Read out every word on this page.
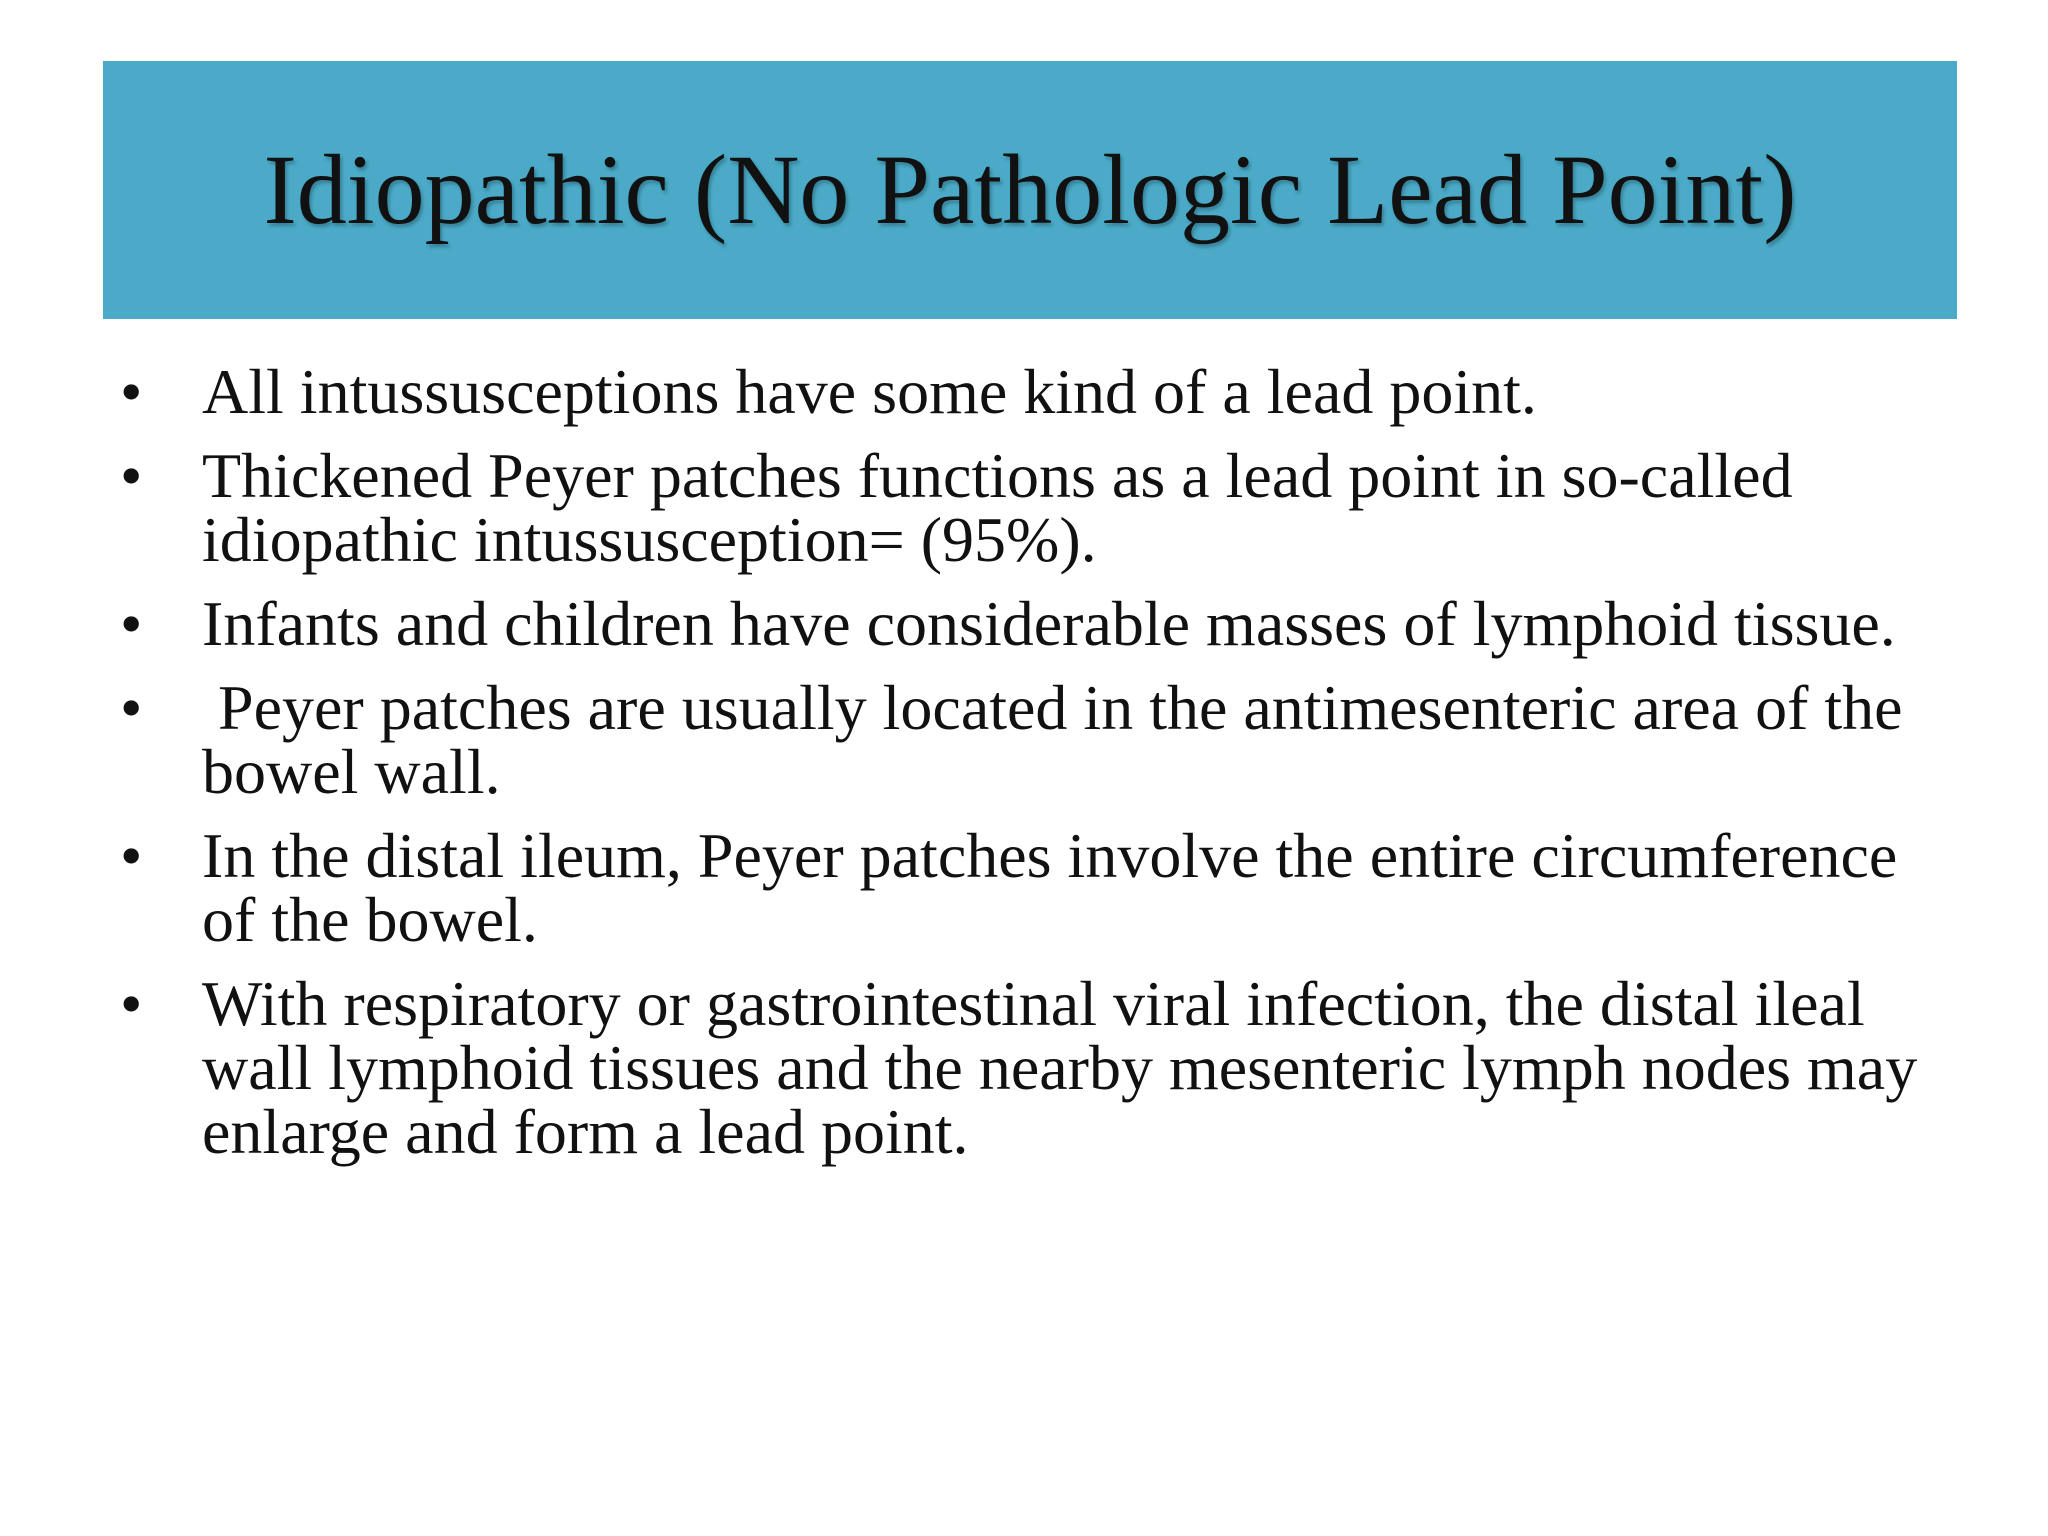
Idiopathic (No Pathologic Lead Point)
• All intussusceptions have some kind of a lead point.
• Thickened Peyer patches functions as a lead point in so-called idiopathic intussusception= (95%).
• Infants and children have considerable masses of lymphoid tissue.
• Peyer patches are usually located in the antimesenteric area of the bowel wall.
• In the distal ileum, Peyer patches involve the entire circumference of the bowel.
• With respiratory or gastrointestinal viral infection, the distal ileal wall lymphoid tissues and the nearby mesenteric lymph nodes may enlarge and form a lead point.
